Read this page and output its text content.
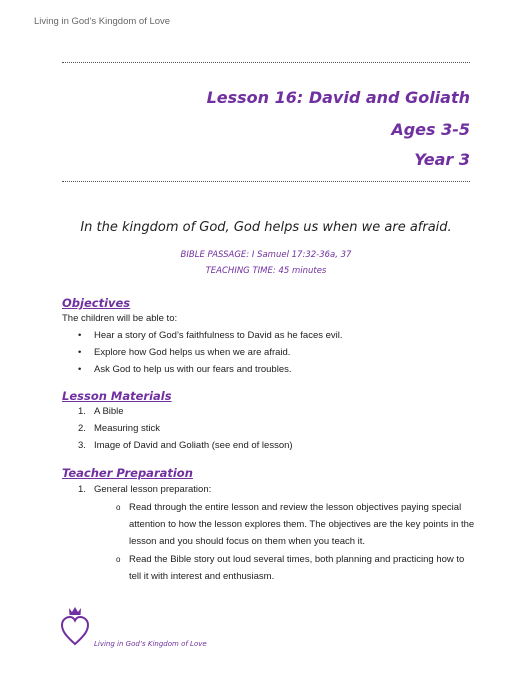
Living in God’s Kingdom of Love
Lesson 16: David and Goliath
Ages 3-5
Year 3
In the kingdom of God, God helps us when we are afraid.
BIBLE PASSAGE: I Samuel 17:32-36a, 37
TEACHING TIME: 45 minutes
Objectives
The children will be able to:
• Hear a story of God’s faithfulness to David as he faces evil.
• Explore how God helps us when we are afraid.
• Ask God to help us with our fears and troubles.
Lesson Materials
1. A Bible
2. Measuring stick
3. Image of David and Goliath (see end of lesson)
Teacher Preparation
1. General lesson preparation:
o Read through the entire lesson and review the lesson objectives paying special attention to how the lesson explores them. The objectives are the key points in the lesson and you should focus on them when you teach it.
o Read the Bible story out loud several times, both planning and practicing how to tell it with interest and enthusiasm.
Living in God’s Kingdom of Love
